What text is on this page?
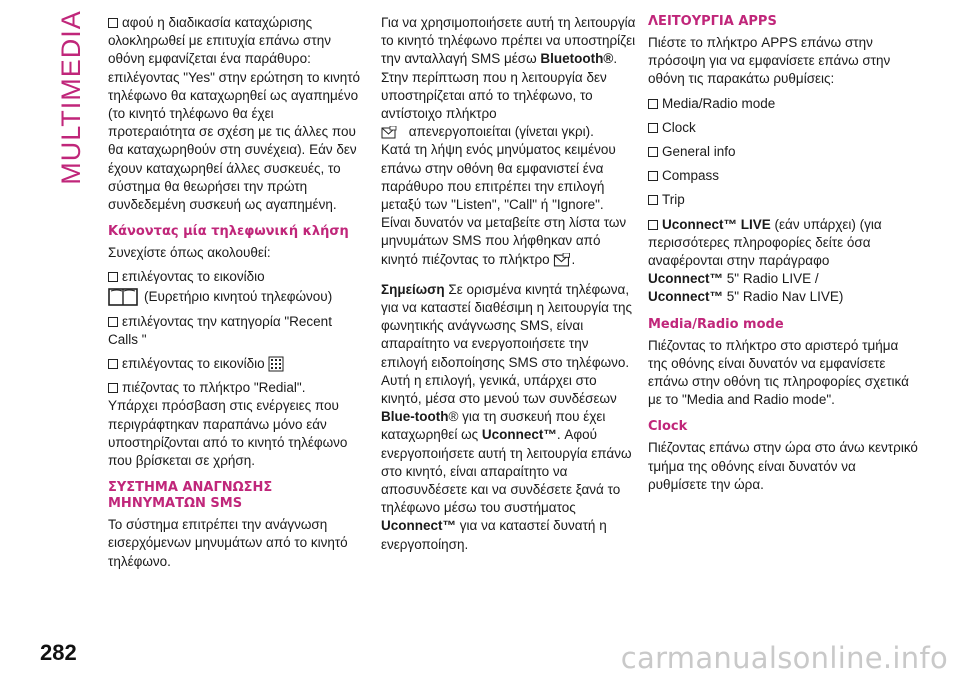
MULTIMEDIA	αφού η διαδικασία καταχώρισης ολοκληρωθεί με επιτυχία επάνω στην οθόνη εμφανίζεται ένα παράθυρο: επιλέγοντας "Yes" στην ερώτηση το κινητό τηλέφωνο θα καταχωρηθεί ως αγαπημένο (το κινητό τηλέφωνο θα έχει προτεραιότητα σε σχέση με τις άλλες που θα καταχωρηθούν στη συνέχεια). Εάν δεν έχουν καταχωρηθεί άλλες συσκευές, το σύστημα θα θεωρήσει την πρώτη συνδεδεμένη συσκευή ως αγαπημένη.

Κάνοντας μία τηλεφωνική κλήση

Συνεχίστε όπως ακολουθεί:

επιλέγοντας το εικονίδιο

(Ευρετήριο κινητού τηλεφώνου)

επιλέγοντας την κατηγορία "Recent Calls "

επιλέγοντας το εικονίδιο

πιέζοντας το πλήκτρο "Redial".

Υπάρχει πρόσβαση στις ενέργειες που περιγράφτηκαν παραπάνω μόνο εάν υποστηρίζονται από το κινητό τηλέφωνο που βρίσκεται σε χρήση.

ΣΥΣΤΗΜΑ ΑΝΑΓΝΩΣΗΣ ΜΗΝΥΜΑΤΩΝ SMS

Το σύστημα επιτρέπει την ανάγνωση εισερχόμενων μηνυμάτων από το κινητό τηλέφωνο.

Για να χρησιμοποιήσετε αυτή τη λειτουργία το κινητό τηλέφωνο πρέπει να υποστηρίζει την ανταλλαγή SMS μέσω Bluetooth®.

Στην περίπτωση που η λειτουργία δεν υποστηρίζεται από το τηλέφωνο, το αντίστοιχο πλήκτρο
απενεργοποιείται (γίνεται γκρι).

Κατά τη λήψη ενός μηνύματος κειμένου επάνω στην οθόνη θα εμφανιστεί ένα παράθυρο που επιτρέπει την επιλογή μεταξύ των "Listen", "Call" ή "Ignore".

Είναι δυνατόν να μεταβείτε στη λίστα των μηνυμάτων SMS που λήφθηκαν από κινητό πιέζοντας το πλήκτρο .

Σημείωση Σε ορισμένα κινητά τηλέφωνα, για να καταστεί διαθέσιμη η λειτουργία της φωνητικής ανάγνωσης SMS, είναι απαραίτητο να ενεργοποιήσετε την επιλογή ειδοποίησης SMS στο τηλέφωνο. Αυτή η επιλογή, γενικά, υπάρχει στο κινητό, μέσα στο μενού των συνδέσεων Blue-tooth® για τη συσκευή που έχει καταχωρηθεί ως Uconnect™. Αφού ενεργοποιήσετε αυτή τη λειτουργία επάνω στο κινητό, είναι απαραίτητο να αποσυνδέσετε και να συνδέσετε ξανά το τηλέφωνο μέσω του συστήματος Uconnect™ για να καταστεί δυνατή η ενεργοποίηση.

ΛΕΙΤΟΥΡΓΙΑ APPS

Πιέστε το πλήκτρο APPS επάνω στην πρόσοψη για να εμφανίσετε επάνω στην οθόνη τις παρακάτω ρυθμίσεις:

Media/Radio mode

Clock

General info

Compass

Trip

Uconnect™ LIVE (εάν υπάρχει) (για περισσότερες πληροφορίες δείτε όσα αναφέρονται στην παράγραφο
Uconnect™ 5" Radio LIVE /
Uconnect™ 5" Radio Nav LIVE)

Media/Radio mode

Πιέζοντας το πλήκτρο στο αριστερό τμήμα της οθόνης είναι δυνατόν να εμφανίσετε επάνω στην οθόνη τις πληροφορίες σχετικά με το "Media and Radio mode".

Clock

Πιέζοντας επάνω στην ώρα στο άνω κεντρικό τμήμα της οθόνης είναι δυνατόν να ρυθμίσετε την ώρα.

282	carmanualsonline.info
